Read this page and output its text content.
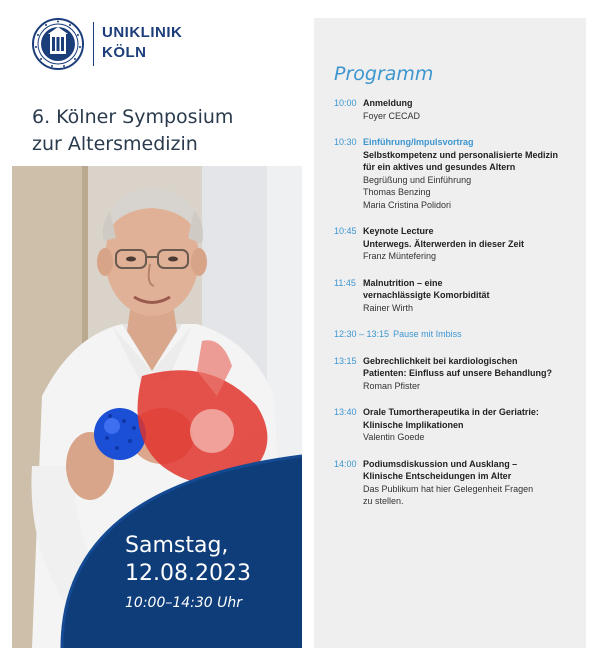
UNIKLINIK
KÖLN
6. Kölner Symposium
zur Altersmedizin
Samstag,
12.08.2023
10:00–14:30 Uhr
Programm
10:00 Anmeldung
Foyer CECAD
10:30 Einführung/Impulsvortrag
Selbstkompetenz und personalisierte Medizin
für ein aktives und gesundes Altern
Begrüßung und Einführung
Thomas Benzing
Maria Cristina Polidori
10:45 Keynote Lecture
Unterwegs. Älterwerden in dieser Zeit
Franz Müntefering
11:45 Malnutrition – eine
vernachlässigte Komorbidität
Rainer Wirth
12:30 – 13:15 Pause mit Imbiss
13:15 Gebrechlichkeit bei kardiologischen
Patienten: Einfluss auf unsere Behandlung?
Roman Pfister
13:40 Orale Tumortherapeutika in der Geriatrie:
Klinische Implikationen
Valentin Goede
14:00 Podiumsdiskussion und Ausklang –
Klinische Entscheidungen im Alter
Das Publikum hat hier Gelegenheit Fragen
zu stellen.
